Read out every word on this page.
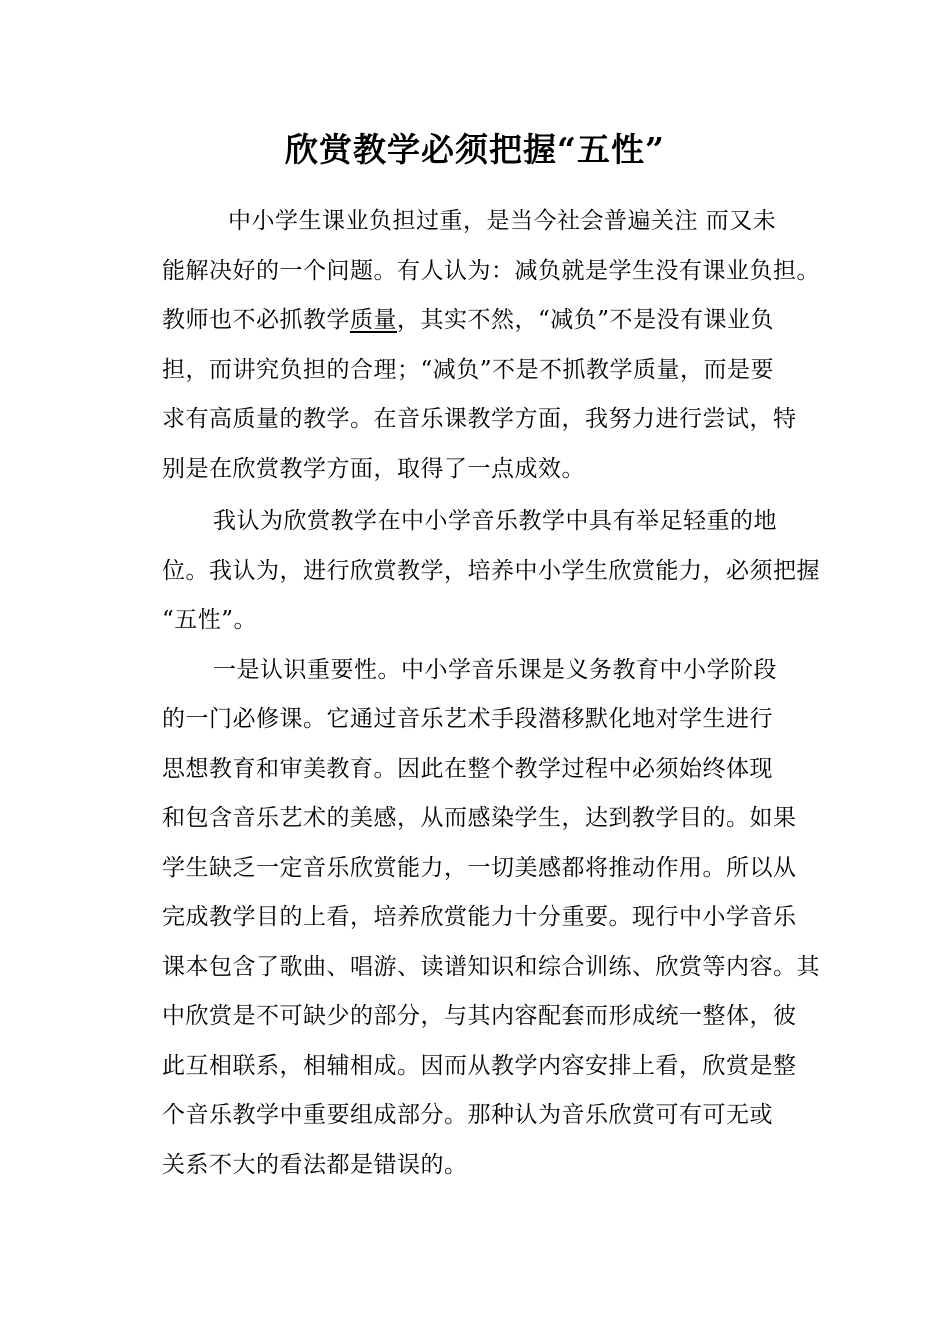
欣赏教学必须把握“五性”
中小学生课业负担过重，是当今社会普遍关注 而又未
能解决好的一个问题。有人认为：减负就是学生没有课业负担。
教师也不必抓教学质量，其实不然，“减负”不是没有课业负
担，而讲究负担的合理；“减负”不是不抓教学质量，而是要
求有高质量的教学。在音乐课教学方面，我努力进行尝试，特
别是在欣赏教学方面，取得了一点成效。
我认为欣赏教学在中小学音乐教学中具有举足轻重的地
位。我认为，进行欣赏教学，培养中小学生欣赏能力，必须把握
“五性”。
一是认识重要性。中小学音乐课是义务教育中小学阶段
的一门必修课。它通过音乐艺术手段潜移默化地对学生进行
思想教育和审美教育。因此在整个教学过程中必须始终体现
和包含音乐艺术的美感，从而感染学生，达到教学目的。如果
学生缺乏一定音乐欣赏能力，一切美感都将推动作用。所以从
完成教学目的上看，培养欣赏能力十分重要。现行中小学音乐
课本包含了歌曲、唱游、读谱知识和综合训练、欣赏等内容。其
中欣赏是不可缺少的部分，与其内容配套而形成统一整体，彼
此互相联系，相辅相成。因而从教学内容安排上看，欣赏是整
个音乐教学中重要组成部分。那种认为音乐欣赏可有可无或
关系不大的看法都是错误的。
